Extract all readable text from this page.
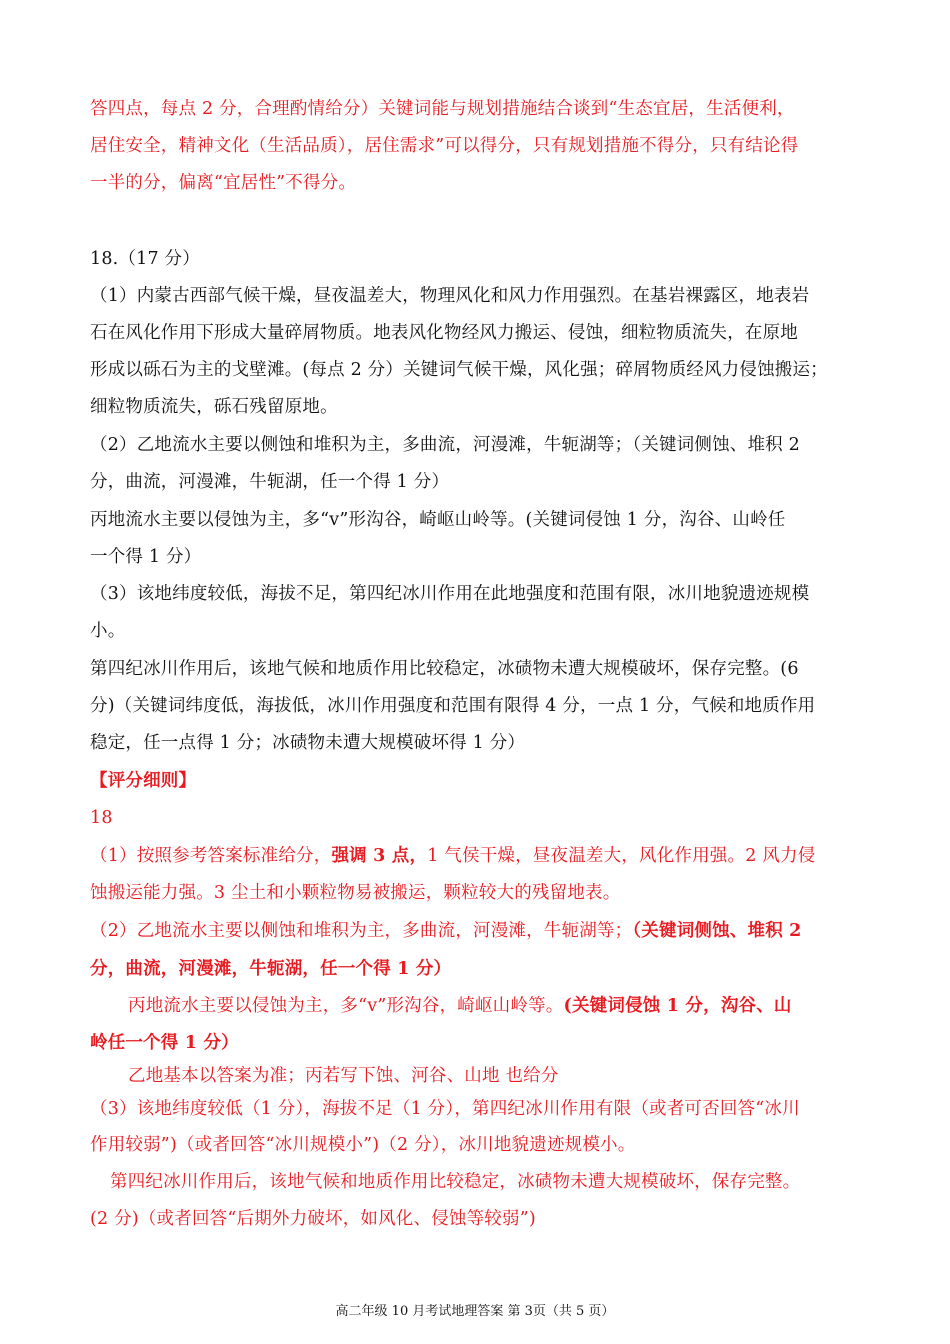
答四点，每点 2 分，合理酌情给分）关键词能与规划措施结合谈到“生态宜居，生活便利，
居住安全，精神文化（生活品质），居住需求”可以得分，只有规划措施不得分，只有结论得
一半的分，偏离“宜居性”不得分。
18.（17 分）
（1）内蒙古西部气候干燥，昼夜温差大，物理风化和风力作用强烈。在基岩裸露区，地表岩
石在风化作用下形成大量碎屑物质。地表风化物经风力搬运、侵蚀，细粒物质流失，在原地
形成以砾石为主的戈壁滩。(每点 2 分）关键词气候干燥，风化强；碎屑物质经风力侵蚀搬运；
细粒物质流失，砾石残留原地。
（2）乙地流水主要以侧蚀和堆积为主，多曲流，河漫滩，牛轭湖等；（关键词侧蚀、堆积 2
分，曲流，河漫滩，牛轭湖，任一个得 1 分）
丙地流水主要以侵蚀为主，多“v”形沟谷，崎岖山岭等。(关键词侵蚀 1 分，沟谷、山岭任
一个得 1 分）
（3）该地纬度较低，海拔不足，第四纪冰川作用在此地强度和范围有限，冰川地貌遗迹规模
小。
第四纪冰川作用后，该地气候和地质作用比较稳定，冰碛物未遭大规模破坏，保存完整。(6
分)（关键词纬度低，海拔低，冰川作用强度和范围有限得 4 分，一点 1 分，气候和地质作用
稳定，任一点得 1 分；冰碛物未遭大规模破坏得 1 分）
【评分细则】
18
（1）按照参考答案标准给分，强调 3 点，1 气侯干燥，昼夜温差大，风化作用强。2 风力侵
蚀搬运能力强。3 尘土和小颗粒物易被搬运，颗粒较大的残留地表。
（2）乙地流水主要以侧蚀和堆积为主，多曲流，河漫滩，牛轭湖等；（关键词侧蚀、堆积 2
分，曲流，河漫滩，牛轭湖，任一个得 1 分）
丙地流水主要以侵蚀为主，多“v”形沟谷，崎岖山岭等。(关键词侵蚀 1 分，沟谷、山
岭任一个得 1 分）
乙地基本以答案为准；丙若写下蚀、河谷、山地 也给分
（3）该地纬度较低（1 分），海拔不足（1 分），第四纪冰川作用有限（或者可否回答“冰川
作用较弱”)（或者回答“冰川规模小”)（2 分），冰川地貌遗迹规模小。
第四纪冰川作用后，该地气候和地质作用比较稳定，冰碛物未遭大规模破坏，保存完整。
(2 分)（或者回答“后期外力破坏，如风化、侵蚀等较弱”)
高二年级 10 月考试地理答案 第 3页（共 5 页）
